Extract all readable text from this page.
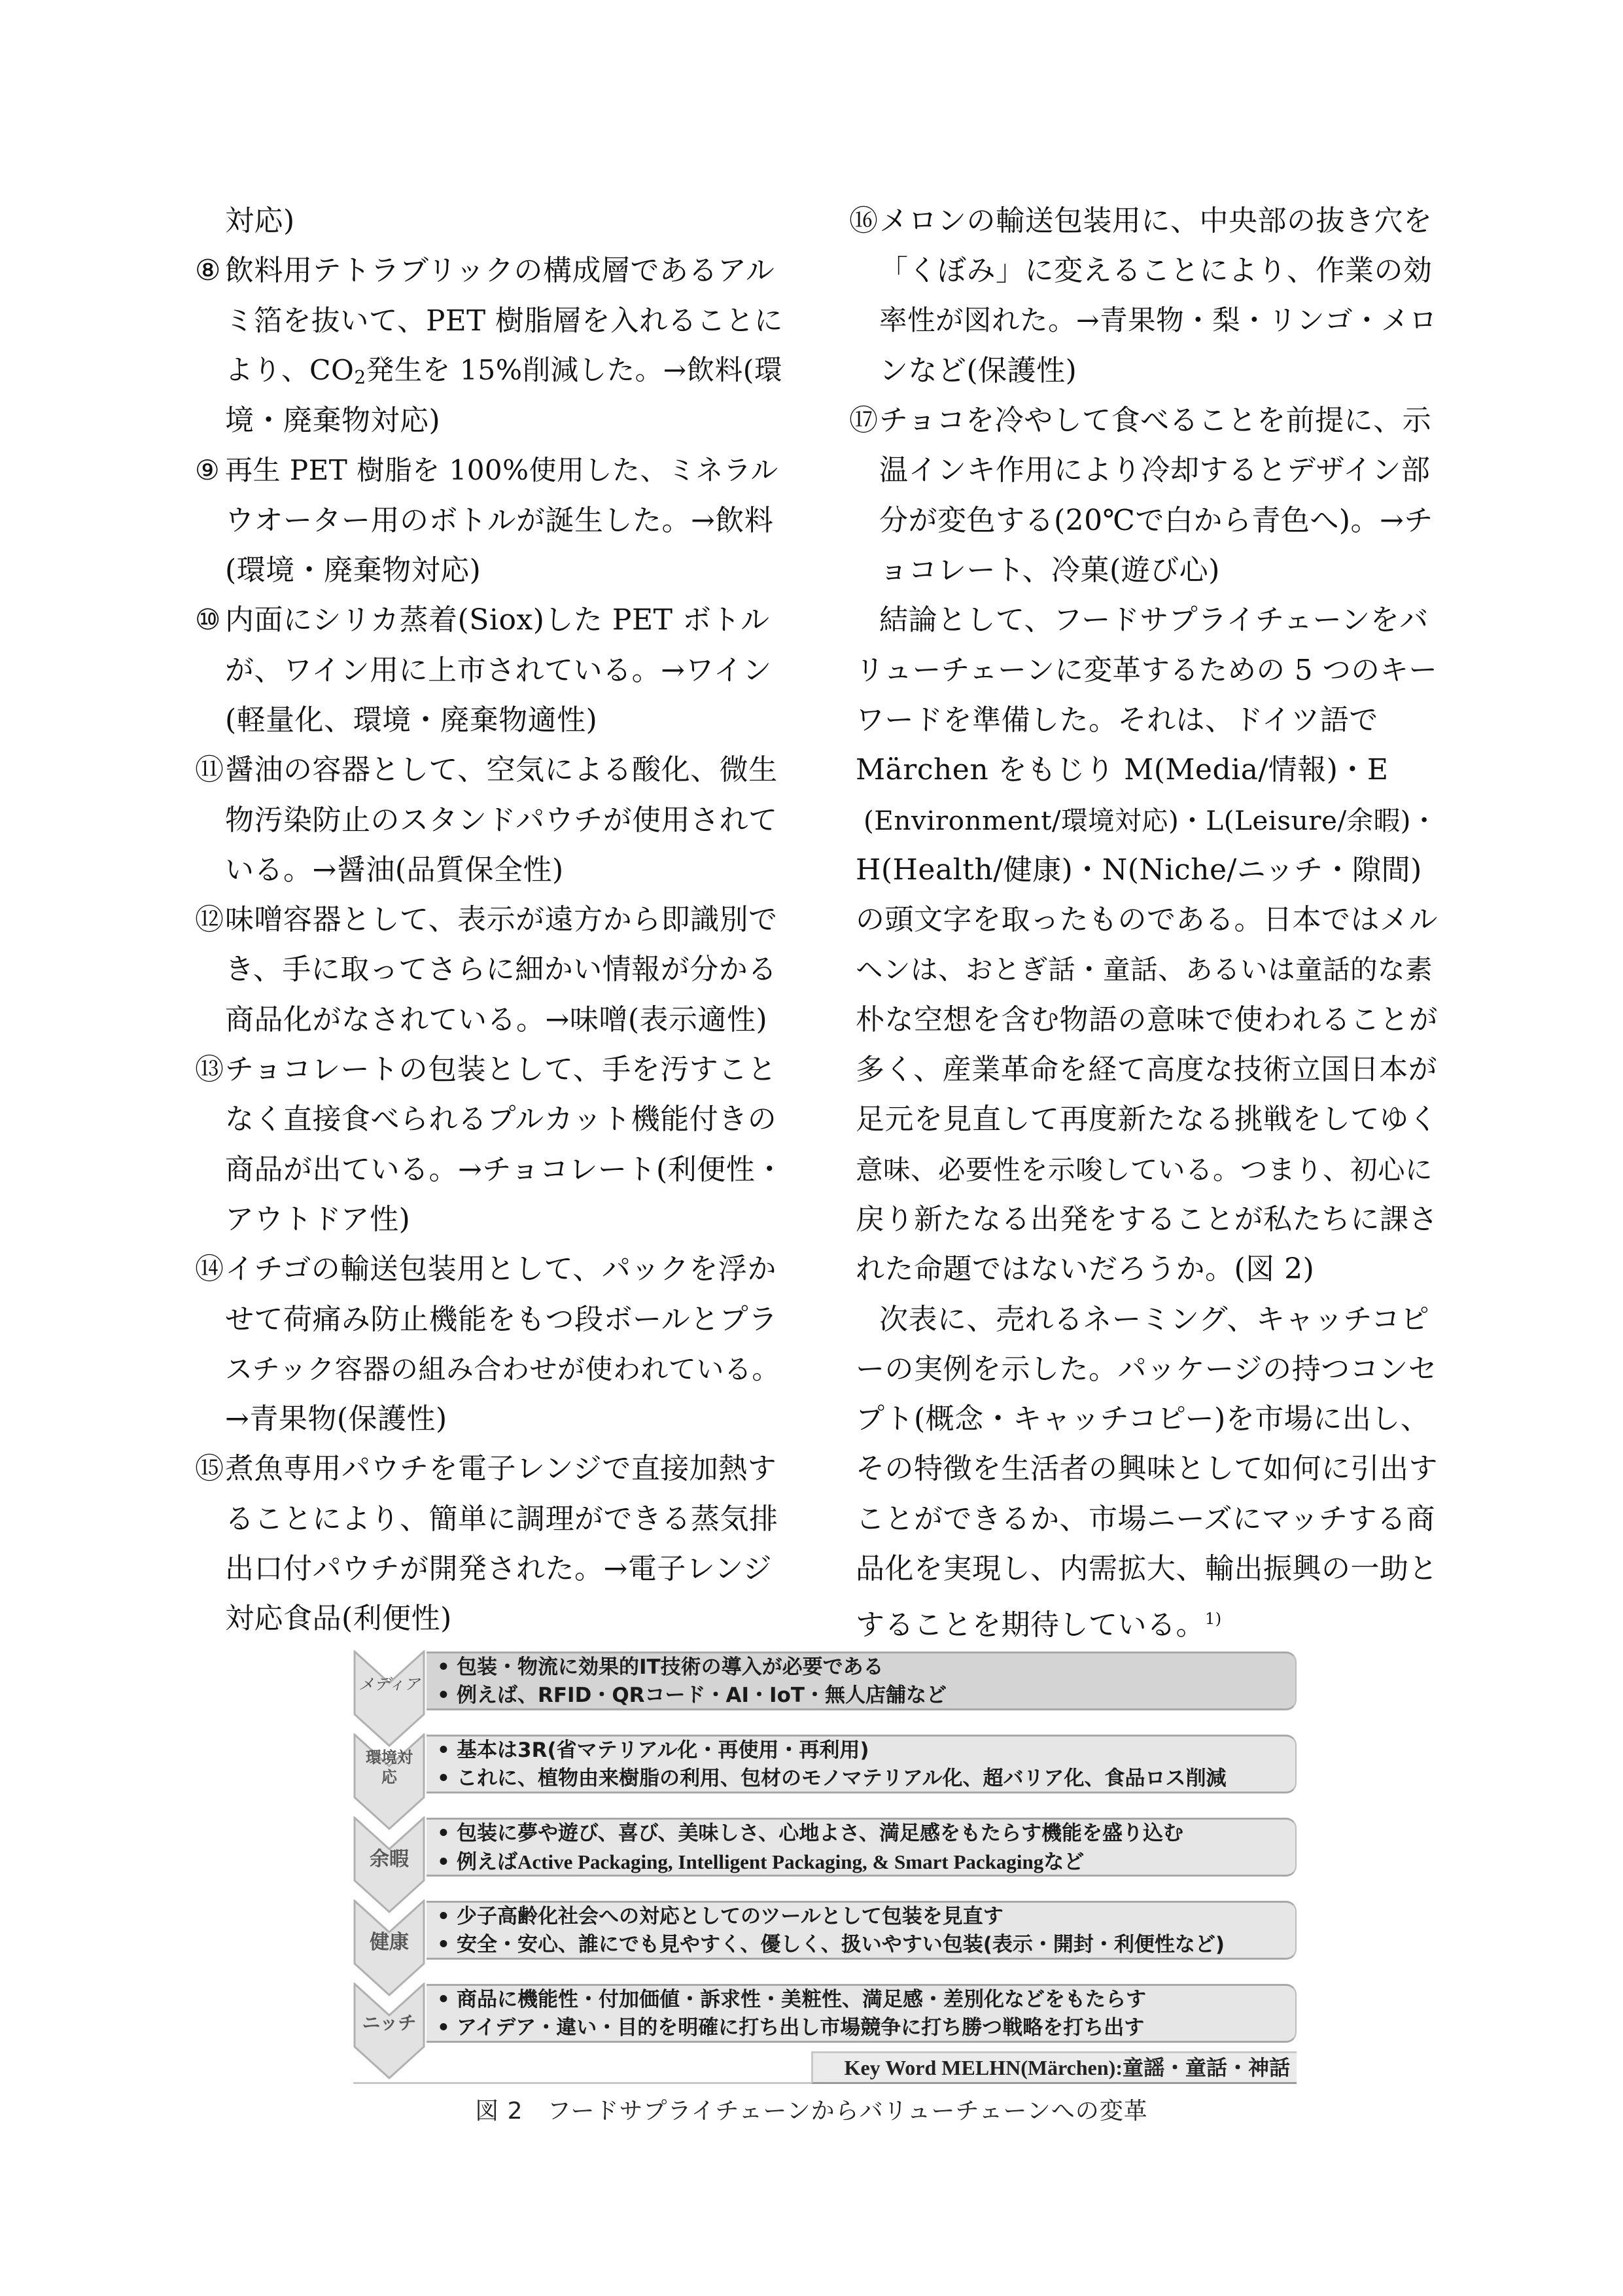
対応)
⑧ 飲料用テトラブリックの構成層であるアル
ミ箔を抜いて、PET 樹脂層を入れることに
より、$CO_2$発生を 15%削減した。→飲料(環
境・廃棄物対応)
⑨ 再生 PET 樹脂を 100%使用した、ミネラル
ウオーター用のボトルが誕生した。→飲料
(環境・廃棄物対応)
⑩ 内面にシリカ蒸着(Siox)した PET ボトル
が、ワイン用に上市されている。→ワイン
(軽量化、環境・廃棄物適性)
⑪醤油の容器として、空気による酸化、微生
物汚染防止のスタンドパウチが使用されて
いる。→醤油(品質保全性)
⑫味噌容器として、表示が遠方から即識別で
き、手に取ってさらに細かい情報が分かる
商品化がなされている。→味噌(表示適性)
⑬チョコレートの包装として、手を汚すこと
なく直接食べられるプルカット機能付きの
商品が出ている。→チョコレート(利便性・
アウトドア性)
⑭イチゴの輸送包装用として、パックを浮か
せて荷痛み防止機能をもつ段ボールとプラ
スチック容器の組み合わせが使われている。
→青果物(保護性)
⑮煮魚専用パウチを電子レンジで直接加熱す
ることにより、簡単に調理ができる蒸気排
出口付パウチが開発された。→電子レンジ
対応食品(利便性)
⑯メロンの輸送包装用に、中央部の抜き穴を
「くぼみ」に変えることにより、作業の効
率性が図れた。→青果物・梨・リンゴ・メロ
ンなど(保護性)
⑰チョコを冷やして食べることを前提に、示
温インキ作用により冷却するとデザイン部
分が変色する(20℃で白から青色へ)。→チ
ョコレート、冷菓(遊び心)
結論として、フードサプライチェーンをバ
リューチェーンに変革するための 5 つのキー
ワードを準備した。それは、ドイツ語で
Märchen をもじり M(Media/情報)・E
(Environment/環境対応)・L(Leisure/余暇)・
H(Health/健康)・N(Niche/ニッチ・隙間)
の頭文字を取ったものである。日本ではメル
ヘンは、おとぎ話・童話、あるいは童話的な素
朴な空想を含む物語の意味で使われることが
多く、産業革命を経て高度な技術立国日本が
足元を見直して再度新たなる挑戦をしてゆく
意味、必要性を示唆している。つまり、初心に
戻り新たなる出発をすることが私たちに課さ
れた命題ではないだろうか。(図 2)
次表に、売れるネーミング、キャッチコピ
ーの実例を示した。パッケージの持つコンセ
プト(概念・キャッチコピー)を市場に出し、
その特徴を生活者の興味として如何に引出す
ことができるか、市場ニーズにマッチする商
品化を実現し、内需拡大、輸出振興の一助と
することを期待している。$^{1)}$
メディア
• 包装・物流に効果的IT技術の導入が必要である
• 例えば、RFID・QRコード・AI・IoT・無人店舗など
環境対
応
• 基本は3R(省マテリアル化・再使用・再利用)
• これに、植物由来樹脂の利用、包材のモノマテリアル化、超バリア化、食品ロス削減
余暇
• 包装に夢や遊び、喜び、美味しさ、心地よさ、満足感をもたらす機能を盛り込む
• 例えばActive Packaging, Intelligent Packaging, & Smart Packagingなど
健康
• 少子高齢化社会への対応としてのツールとして包装を見直す
• 安全・安心、誰にでも見やすく、優しく、扱いやすい包装(表示・開封・利便性など)
ニッチ
• 商品に機能性・付加価値・訴求性・美粧性、満足感・差別化などをもたらす
• アイデア・違い・目的を明確に打ち出し市場競争に打ち勝つ戦略を打ち出す
Key Word MELHN(Märchen):童謡・童話・神話
図 2　フードサプライチェーンからバリューチェーンへの変革
